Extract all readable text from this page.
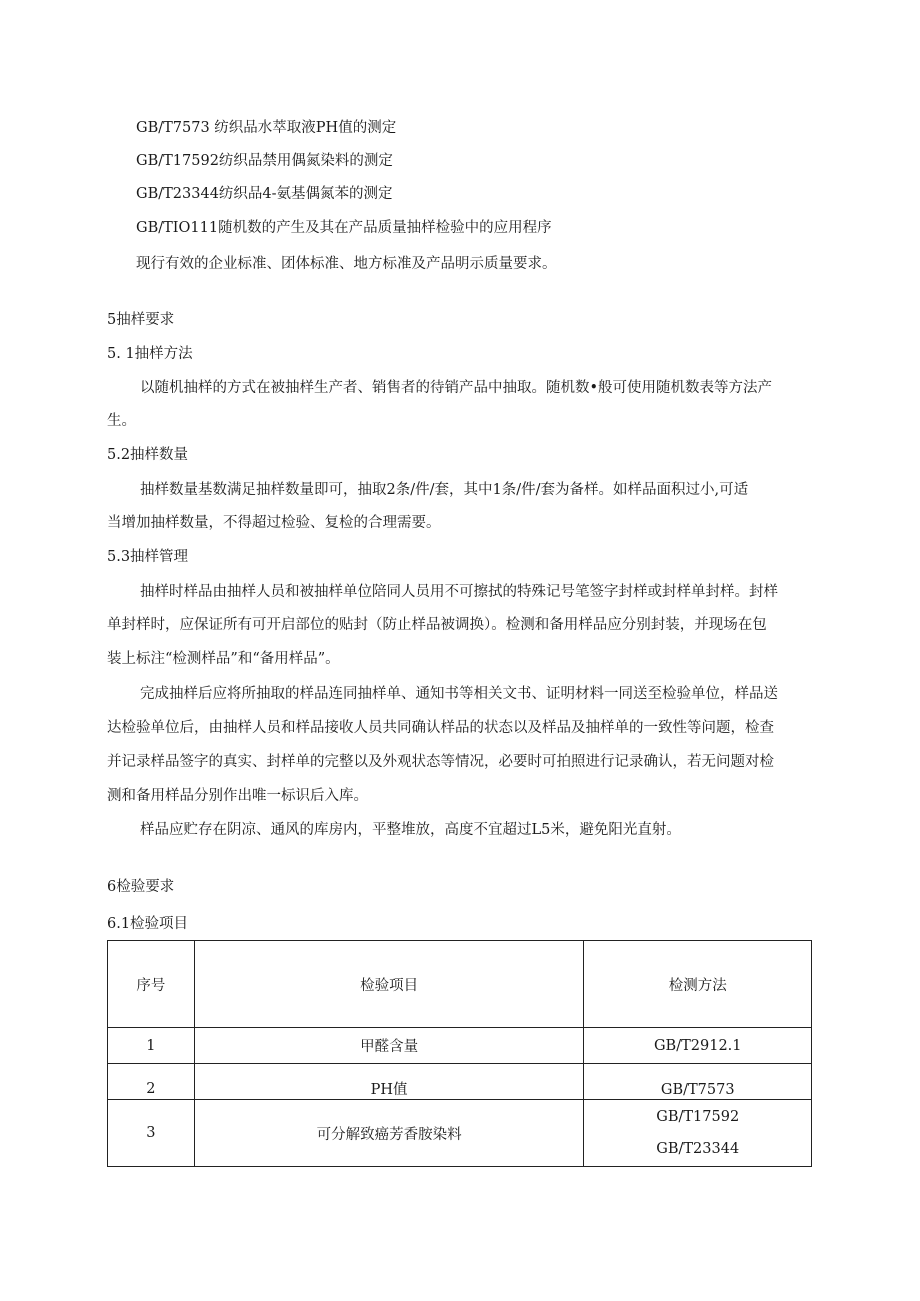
GB/T7573 纺织品水萃取液PH值的测定
GB/T17592纺织品禁用偶氮染料的测定
GB/T23344纺织品4-氨基偶氮苯的测定
GB/TIO111随机数的产生及其在产品质量抽样检验中的应用程序
现行有效的企业标准、团体标准、地方标准及产品明示质量要求。
5抽样要求
5. 1抽样方法
以随机抽样的方式在被抽样生产者、销售者的待销产品中抽取。随机数•般可使用随机数表等方法产
生。
5.2抽样数量
抽样数量基数满足抽样数量即可，抽取2条/件/套，其中1条/件/套为备样。如样品面积过小,可适
当增加抽样数量，不得超过检验、复检的合理需要。
5.3抽样管理
抽样时样品由抽样人员和被抽样单位陪同人员用不可擦拭的特殊记号笔签字封样或封样单封样。封样
单封样时，应保证所有可开启部位的贴封（防止样品被调换）。检测和备用样品应分别封装，并现场在包
装上标注“检测样品”和“备用样品”。
完成抽样后应将所抽取的样品连同抽样单、通知书等相关文书、证明材料一同送至检验单位，样品送
达检验单位后，由抽样人员和样品接收人员共同确认样品的状态以及样品及抽样单的一致性等问题，检查
并记录样品签字的真实、封样单的完整以及外观状态等情况，必要时可拍照进行记录确认，若无问题对检
测和备用样品分别作出唯一标识后入库。
样品应贮存在阴凉、通风的库房内，平整堆放，高度不宜超过L5米，避免阳光直射。
6检验要求
6.1检验项目
序号	检验项目	检测方法
1	甲醛含量	GB/T2912.1
2	PH值	GB/T7573
3	可分解致癌芳香胺染料	GB/T17592
GB/T23344
